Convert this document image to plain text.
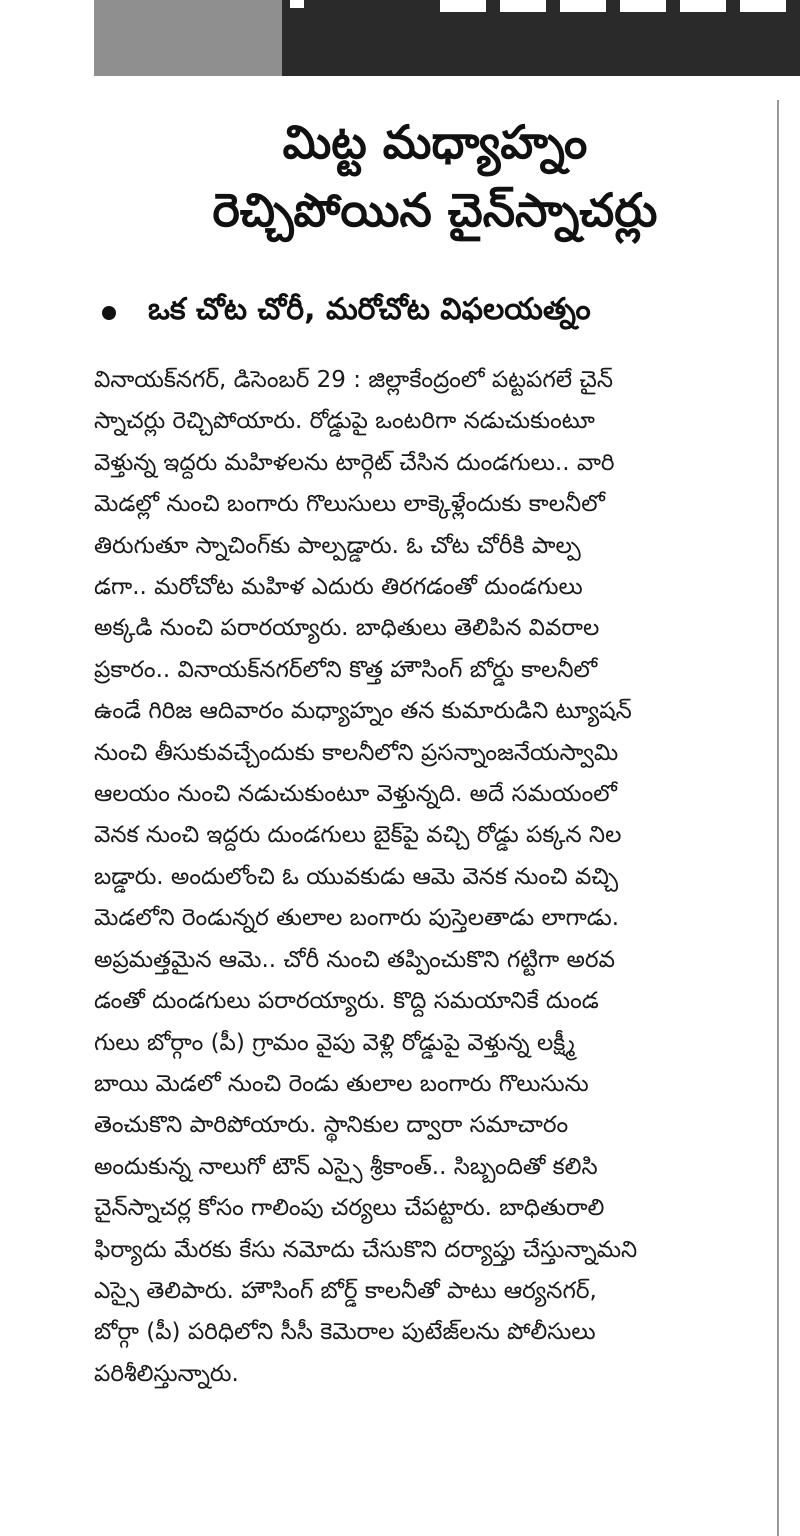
మిట్ట మధ్యాహ్నం
రెచ్చిపోయిన చైన్‌స్నాచర్లు
ఒక చోట చోరీ, మరోచోట విఫలయత్నం
వినాయక్‌నగర్, డిసెంబర్ 29 : జిల్లాకేంద్రంలో పట్టపగలే చైన్
స్నాచర్లు రెచ్చిపోయారు. రోడ్డుపై ఒంటరిగా నడుచుకుంటూ
వెళ్తున్న ఇద్దరు మహిళలను టార్గెట్ చేసిన దుండగులు.. వారి
మెడల్లో నుంచి బంగారు గొలుసులు లాక్కెళ్లేందుకు కాలనీలో
తిరుగుతూ స్నాచింగ్‌కు పాల్పడ్డారు. ఓ చోట చోరీకి పాల్ప
డగా.. మరోచోట మహిళ ఎదురు తిరగడంతో దుండగులు
అక్కడి నుంచి పరారయ్యారు. బాధితులు తెలిపిన వివరాల
ప్రకారం.. వినాయక్‌నగర్‌లోని కొత్త హౌసింగ్ బోర్డు కాలనీలో
ఉండే గిరిజ ఆదివారం మధ్యాహ్నం తన కుమారుడిని ట్యూషన్
నుంచి తీసుకువచ్చేందుకు కాలనీలోని ప్రసన్నాంజనేయస్వామి
ఆలయం నుంచి నడుచుకుంటూ వెళ్తున్నది. అదే సమయంలో
వెనక నుంచి ఇద్దరు దుండగులు బైక్‌పై వచ్చి రోడ్డు పక్కన నిల
బడ్డారు. అందులోంచి ఓ యువకుడు ఆమె వెనక నుంచి వచ్చి
మెడలోని రెండున్నర తులాల బంగారు పుస్తెలతాడు లాగాడు.
అప్రమత్తమైన ఆమె.. చోరీ నుంచి తప్పించుకొని గట్టిగా అరవ
డంతో దుండగులు పరారయ్యారు. కొద్ది సమయానికే దుండ
గులు బోర్గాం (పీ) గ్రామం వైపు వెళ్లి రోడ్డుపై వెళ్తున్న లక్ష్మీ
బాయి మెడలో నుంచి రెండు తులాల బంగారు గొలుసును
తెంచుకొని పారిపోయారు. స్థానికుల ద్వారా సమాచారం
అందుకున్న నాలుగో టౌన్ ఎస్సై శ్రీకాంత్.. సిబ్బందితో కలిసి
చైన్‌స్నాచర్ల కోసం గాలింపు చర్యలు చేపట్టారు. బాధితురాలి
ఫిర్యాదు మేరకు కేసు నమోదు చేసుకొని దర్యాప్తు చేస్తున్నామని
ఎస్సై తెలిపారు. హౌసింగ్ బోర్డ్ కాలనీతో పాటు ఆర్యనగర్,
బోర్గా (పీ) పరిధిలోని సీసీ కెమెరాల పుటేజ్‌లను పోలీసులు
పరిశీలిస్తున్నారు.
